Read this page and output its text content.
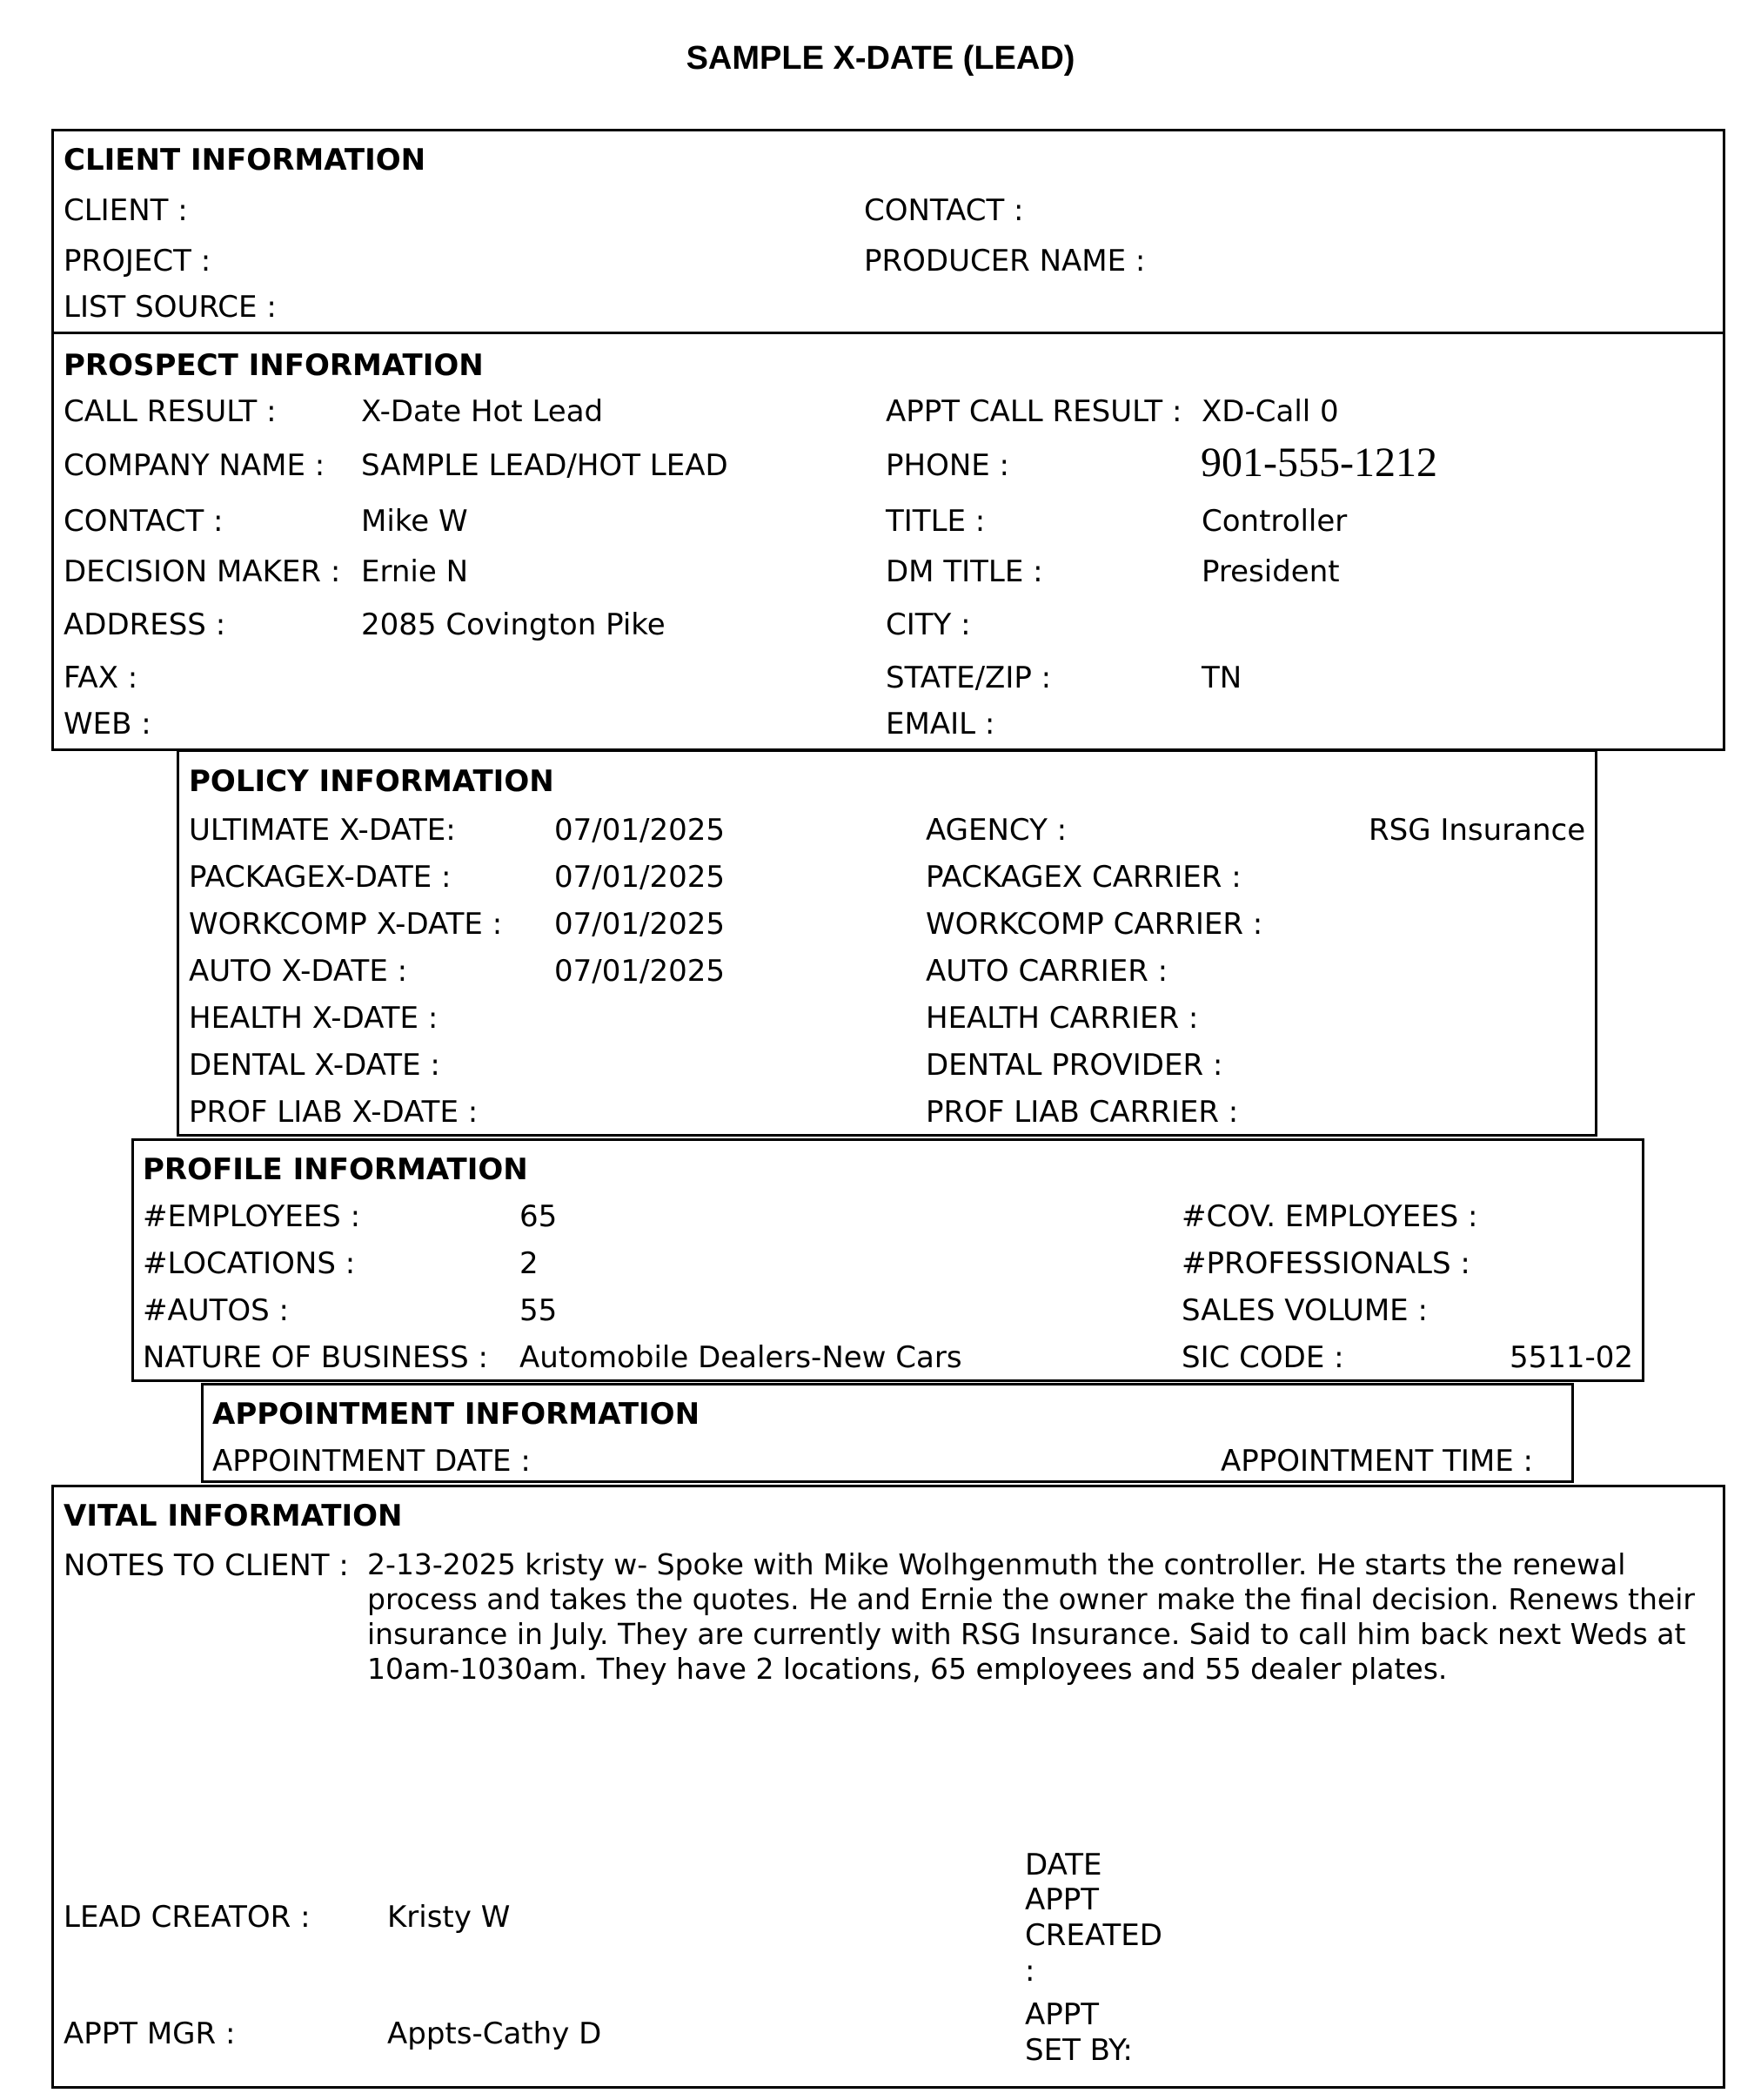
SAMPLE X-DATE (LEAD)
CLIENT INFORMATION
CLIENT :	CONTACT :
PROJECT :	PRODUCER NAME :
LIST SOURCE :
PROSPECT INFORMATION
CALL RESULT :	X-Date Hot Lead	APPT CALL RESULT : XD-Call 0
COMPANY NAME : SAMPLE LEAD/HOT LEAD	PHONE :	901-555-1212
CONTACT :	Mike W	TITLE :	Controller
DECISION MAKER : Ernie N	DM TITLE :	President
ADDRESS :	2085 Covington Pike	CITY :
FAX :	STATE/ZIP :	TN
WEB :	EMAIL :
POLICY INFORMATION
ULTIMATE X-DATE:	07/01/2025	AGENCY :	RSG Insurance
PACKAGEX-DATE :	07/01/2025	PACKAGEX CARRIER :
WORKCOMP X-DATE : 07/01/2025	WORKCOMP CARRIER :
AUTO X-DATE :	07/01/2025	AUTO CARRIER :
HEALTH X-DATE :	HEALTH CARRIER :
DENTAL X-DATE :	DENTAL PROVIDER :
PROF LIAB X-DATE :	PROF LIAB CARRIER :
PROFILE INFORMATION
#EMPLOYEES :	65	#COV. EMPLOYEES :
#LOCATIONS :	2	#PROFESSIONALS :
#AUTOS :	55	SALES VOLUME :
NATURE OF BUSINESS : Automobile Dealers-New Cars	SIC CODE :	5511-02
APPOINTMENT INFORMATION
APPOINTMENT DATE :	APPOINTMENT TIME :
VITAL INFORMATION
NOTES TO CLIENT : 2-13-2025 kristy w- Spoke with Mike Wolhgenmuth the controller. He starts the renewal process and takes the quotes. He and Ernie the owner make the final decision. Renews their insurance in July. They are currently with RSG Insurance. Said to call him back next Weds at 10am-1030am. They have 2 locations, 65 employees and 55 dealer plates.
LEAD CREATOR :	Kristy W
DATE
APPT
CREATED
:
APPT MGR :	Appts-Cathy D
APPT
SET BY:
